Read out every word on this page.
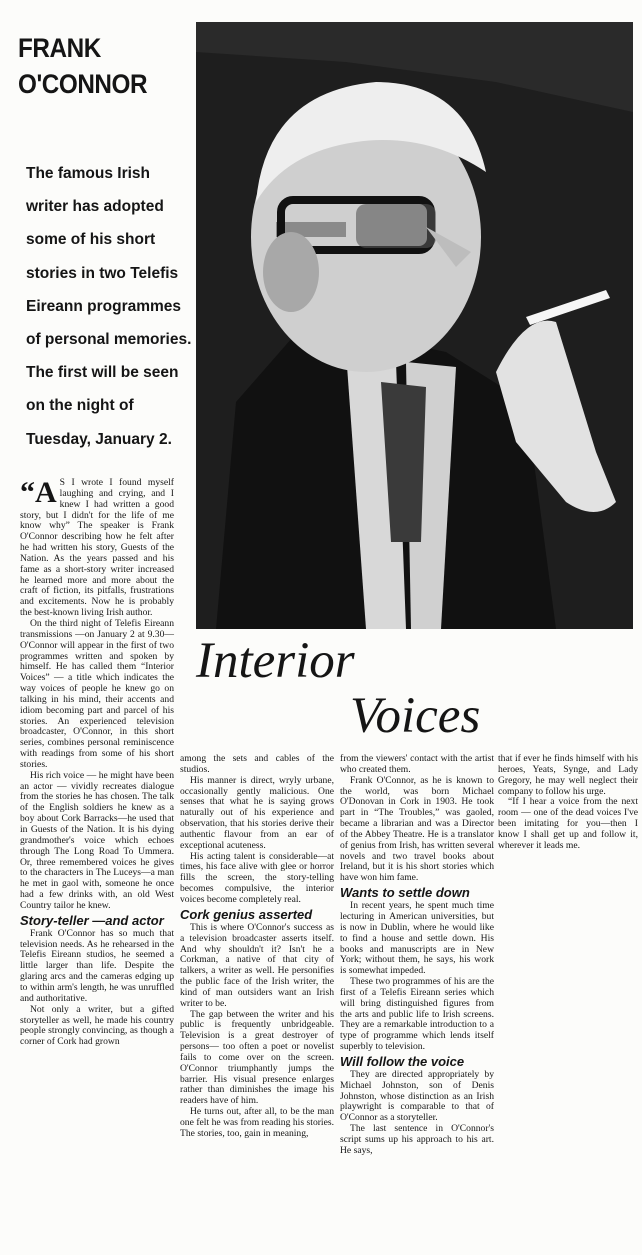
FRANK
O'CONNOR
The famous Irish
writer has adopted
some of his short
stories in two Telefis
Eireann programmes
of personal memories.
The first will be seen
on the night of
Tuesday, January 2.
Interior
Voices

“A S I wrote I found myself laughing and crying, and I knew I had written a good story, but I didn't for the life of me know why” The speaker is Frank O'Connor describing how he felt after he had written his story, Guests of the Nation. As the years passed and his fame as a short-story writer increased he learned more and more about the craft of fiction, its pitfalls, frustrations and excitements. Now he is probably the best-known living Irish author.

On the third night of Telefis Eireann transmissions —on January 2 at 9.30— O'Connor will appear in the first of two programmes written and spoken by himself. He has called them “Interior Voices” — a title which indicates the way voices of people he knew go on talking in his mind, their accents and idiom becoming part and parcel of his stories. An experienced television broadcaster, O'Connor, in this short series, combines personal reminiscence with readings from some of his short stories.

His rich voice — he might have been an actor — vividly recreates dialogue from the stories he has chosen. The talk of the English soldiers he knew as a boy about Cork Barracks—he used that in Guests of the Nation. It is his dying grandmother's voice which echoes through The Long Road To Ummera. Or, three remembered voices he gives to the characters in The Luceys—a man he met in gaol with, someone he once had a few drinks with, an old West Country tailor he knew.

Story-teller —and actor

Frank O'Connor has so much that television needs. As he rehearsed in the Telefis Eireann studios, he seemed a little larger than life. Despite the glaring arcs and the cameras edging up to within arm's length, he was unruffled and authoritative.

Not only a writer, but a gifted storyteller as well, he made his country people strongly convincing, as though a corner of Cork had grown

among the sets and cables of the studios.

His manner is direct, wryly urbane, occasionally gently malicious. One senses that what he is saying grows naturally out of his experience and observation, that his stories derive their authentic flavour from an ear of exceptional acuteness.

His acting talent is considerable—at times, his face alive with glee or horror fills the screen, the story-telling becomes compulsive, the interior voices become completely real.

Cork genius asserted

This is where O'Connor's success as a television broadcaster asserts itself. And why shouldn't it? Isn't he a Corkman, a native of that city of talkers, a writer as well. He personifies the public face of the Irish writer, the kind of man outsiders want an Irish writer to be.

The gap between the writer and his public is frequently unbridgeable. Television is a great destroyer of persons— too often a poet or novelist fails to come over on the screen. O'Connor triumphantly jumps the barrier. His visual presence enlarges rather than diminishes the image his readers have of him.

He turns out, after all, to be the man one felt he was from reading his stories. The stories, too, gain in meaning,

from the viewers' contact with the artist who created them.

Frank O'Connor, as he is known to the world, was born Michael O'Donovan in Cork in 1903. He took part in “The Troubles,” was gaoled, became a librarian and was a Director of the Abbey Theatre. He is a translator of genius from Irish, has written several novels and two travel books about Ireland, but it is his short stories which have won him fame.

Wants to settle down

In recent years, he spent much time lecturing in American universities, but is now in Dublin, where he would like to find a house and settle down. His books and manuscripts are in New York; without them, he says, his work is somewhat impeded.

These two programmes of his are the first of a Telefis Eireann series which will bring distinguished figures from the arts and public life to Irish screens. They are a remarkable introduction to a type of programme which lends itself superbly to television.

Will follow the voice

They are directed appropriately by Michael Johnston, son of Denis Johnston, whose distinction as an Irish playwright is comparable to that of O'Connor as a storyteller.

The last sentence in O'Connor's script sums up his approach to his art. He says,

that if ever he finds himself with his heroes, Yeats, Synge, and Lady Gregory, he may well neglect their company to follow his urge.

“If I hear a voice from the next room — one of the dead voices I've been imitating for you—then I know I shall get up and follow it, wherever it leads me.
